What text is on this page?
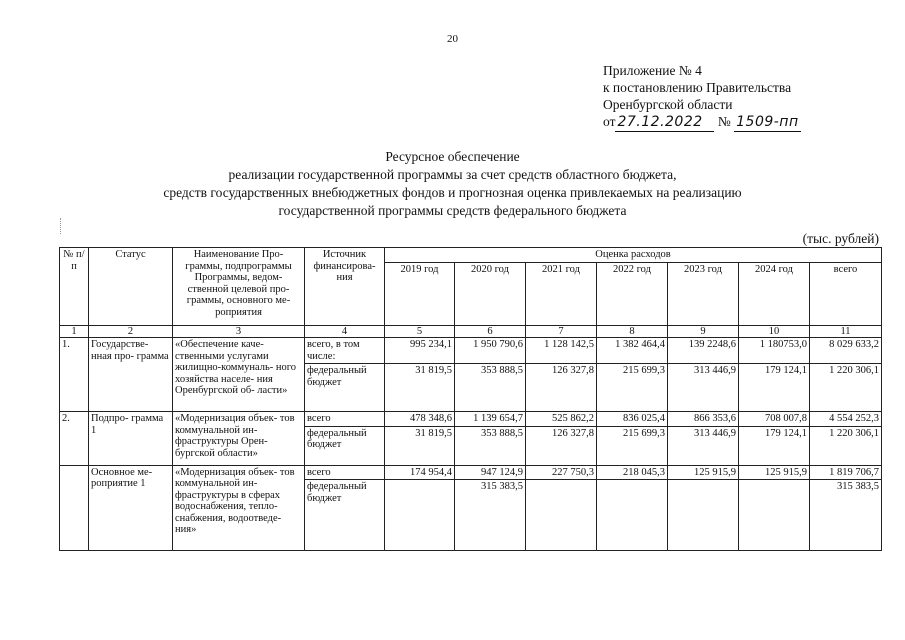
20
Приложение № 4
к постановлению Правительства
Оренбургской области
от 27.12.2022 № 1509-пп
Ресурсное обеспечение
реализации государственной программы за счет средств областного бюджета,
средств государственных внебюджетных фондов и прогнозная оценка привлекаемых на реализацию
государственной программы средств федерального бюджета
(тыс. рублей)
№ п/п	Статус	Наименование Про- граммы, подпрограммы Программы, ведом- ственной целевой про- граммы, основного ме- роприятия	Источник финансирова- ния	Оценка расходов						
				2019 год	2020 год	2021 год	2022 год	2023 год	2024 год	всего
1	2	3	4	5	6	7	8	9	10	11
1.	Государстве- нная про- грамма	«Обеспечение каче- ственными услугами жилищно-коммуналь- ного хозяйства населе- ния Оренбургской об- ласти»	всего, в том числе:	995 234,1	1 950 790,6	1 128 142,5	1 382 464,4	139 2248,6	1 180753,0	8 029 633,2
			федеральный бюджет	31 819,5	353 888,5	126 327,8	215 699,3	313 446,9	179 124,1	1 220 306,1
2.	Подпро- грамма 1	«Модернизация объек- тов коммунальной ин- фраструктуры Орен- бургской области»	всего	478 348,6	1 139 654,7	525 862,2	836 025,4	866 353,6	708 007,8	4 554 252,3
			федеральный бюджет	31 819,5	353 888,5	126 327,8	215 699,3	313 446,9	179 124,1	1 220 306,1
	Основное ме- роприятие 1	«Модернизация объек- тов коммунальной ин- фраструктуры в сферах водоснабжения, тепло- снабжения, водоотведе- ния»	всего	174 954,4	947 124,9	227 750,3	218 045,3	125 915,9	125 915,9	1 819 706,7
			федеральный бюджет		315 383,5					315 383,5
